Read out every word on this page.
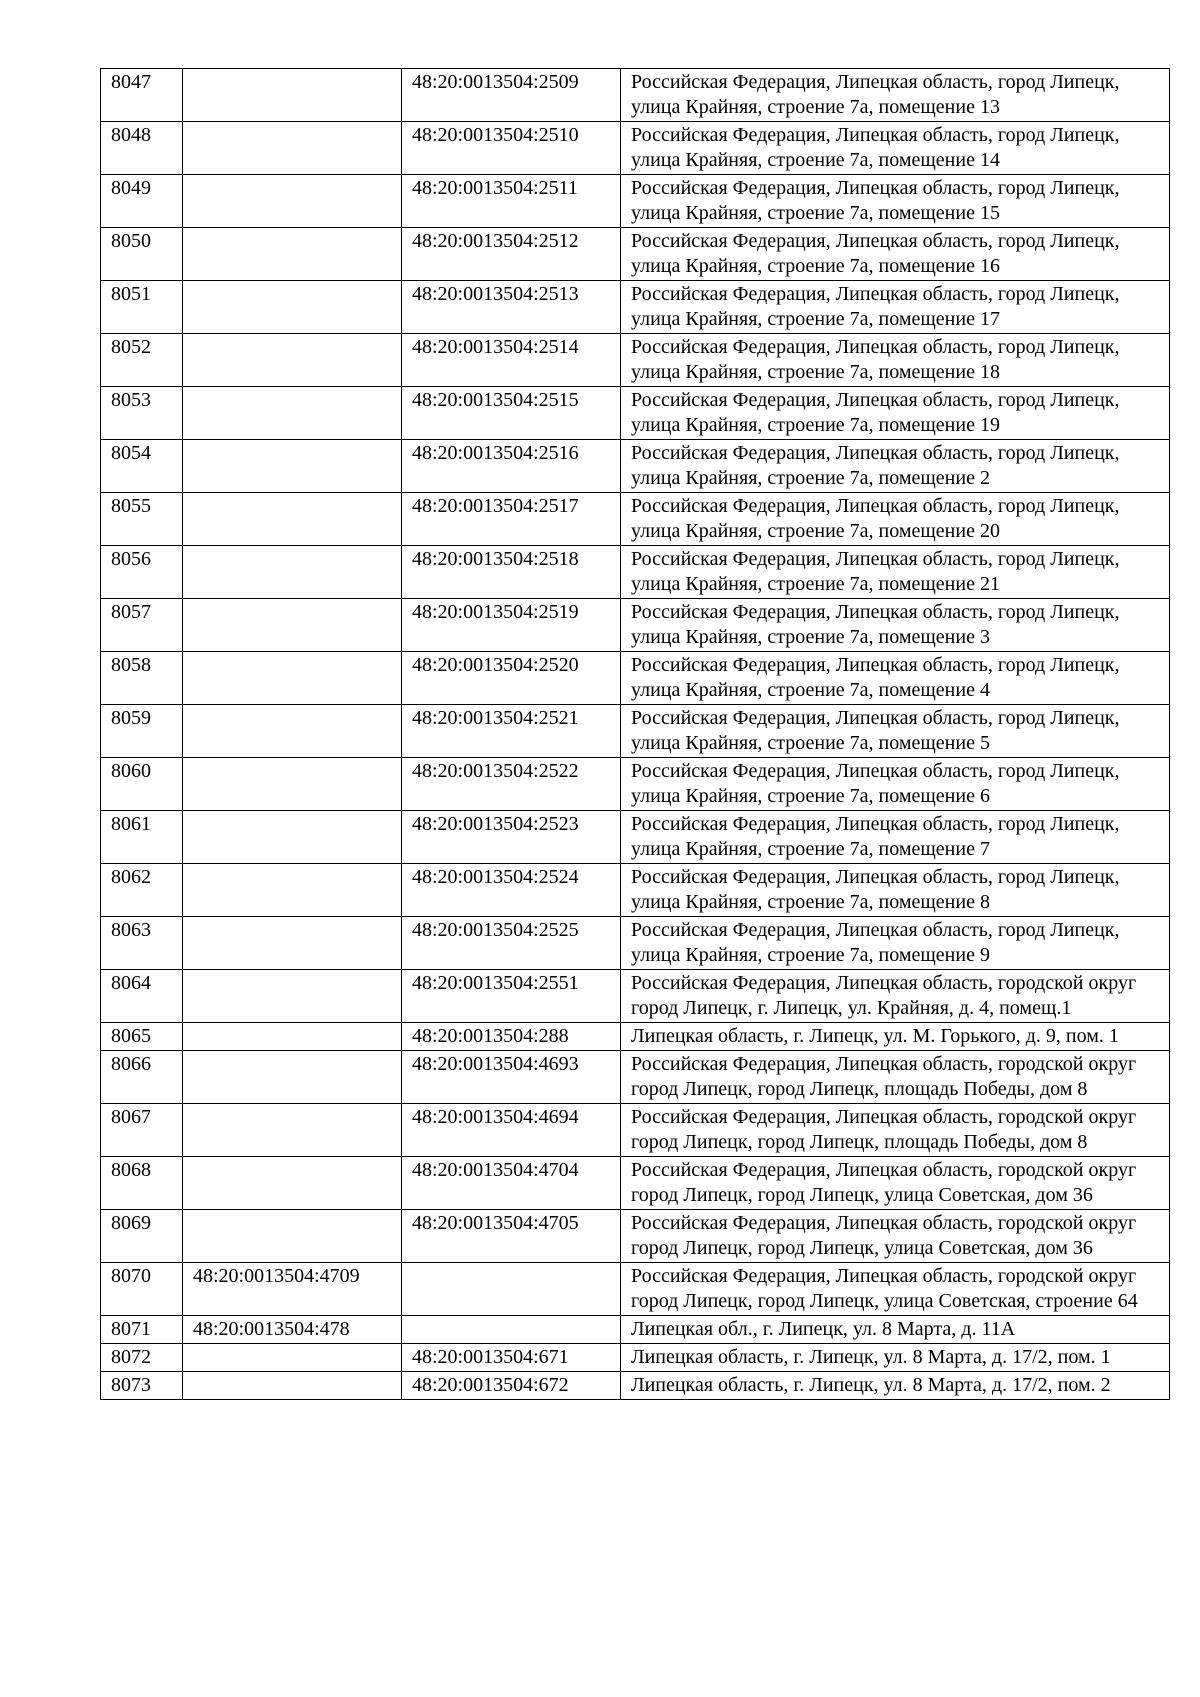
8047		48:20:0013504:2509	Российская Федерация, Липецкая область, город Липецк, улица Крайняя, строение 7а, помещение 13
8048		48:20:0013504:2510	Российская Федерация, Липецкая область, город Липецк, улица Крайняя, строение 7а, помещение 14
8049		48:20:0013504:2511	Российская Федерация, Липецкая область, город Липецк, улица Крайняя, строение 7а, помещение 15
8050		48:20:0013504:2512	Российская Федерация, Липецкая область, город Липецк, улица Крайняя, строение 7а, помещение 16
8051		48:20:0013504:2513	Российская Федерация, Липецкая область, город Липецк, улица Крайняя, строение 7а, помещение 17
8052		48:20:0013504:2514	Российская Федерация, Липецкая область, город Липецк, улица Крайняя, строение 7а, помещение 18
8053		48:20:0013504:2515	Российская Федерация, Липецкая область, город Липецк, улица Крайняя, строение 7а, помещение 19
8054		48:20:0013504:2516	Российская Федерация, Липецкая область, город Липецк, улица Крайняя, строение 7а, помещение 2
8055		48:20:0013504:2517	Российская Федерация, Липецкая область, город Липецк, улица Крайняя, строение 7а, помещение 20
8056		48:20:0013504:2518	Российская Федерация, Липецкая область, город Липецк, улица Крайняя, строение 7а, помещение 21
8057		48:20:0013504:2519	Российская Федерация, Липецкая область, город Липецк, улица Крайняя, строение 7а, помещение 3
8058		48:20:0013504:2520	Российская Федерация, Липецкая область, город Липецк, улица Крайняя, строение 7а, помещение 4
8059		48:20:0013504:2521	Российская Федерация, Липецкая область, город Липецк, улица Крайняя, строение 7а, помещение 5
8060		48:20:0013504:2522	Российская Федерация, Липецкая область, город Липецк, улица Крайняя, строение 7а, помещение 6
8061		48:20:0013504:2523	Российская Федерация, Липецкая область, город Липецк, улица Крайняя, строение 7а, помещение 7
8062		48:20:0013504:2524	Российская Федерация, Липецкая область, город Липецк, улица Крайняя, строение 7а, помещение 8
8063		48:20:0013504:2525	Российская Федерация, Липецкая область, город Липецк, улица Крайняя, строение 7а, помещение 9
8064		48:20:0013504:2551	Российская Федерация, Липецкая область, городской округ город Липецк, г. Липецк, ул. Крайняя, д. 4, помещ.1
8065		48:20:0013504:288	Липецкая область, г. Липецк, ул. М. Горького, д. 9, пом. 1
8066		48:20:0013504:4693	Российская Федерация, Липецкая область, городской округ город Липецк, город Липецк, площадь Победы, дом 8
8067		48:20:0013504:4694	Российская Федерация, Липецкая область, городской округ город Липецк, город Липецк, площадь Победы, дом 8
8068		48:20:0013504:4704	Российская Федерация, Липецкая область, городской округ город Липецк, город Липецк, улица Советская, дом 36
8069		48:20:0013504:4705	Российская Федерация, Липецкая область, городской округ город Липецк, город Липецк, улица Советская, дом 36
8070	48:20:0013504:4709		Российская Федерация, Липецкая область, городской округ город Липецк, город Липецк, улица Советская, строение 64
8071	48:20:0013504:478		Липецкая обл., г. Липецк, ул. 8 Марта, д. 11А
8072		48:20:0013504:671	Липецкая область, г. Липецк, ул. 8 Марта, д. 17/2, пом. 1
8073		48:20:0013504:672	Липецкая область, г. Липецк, ул. 8 Марта, д. 17/2, пом. 2
